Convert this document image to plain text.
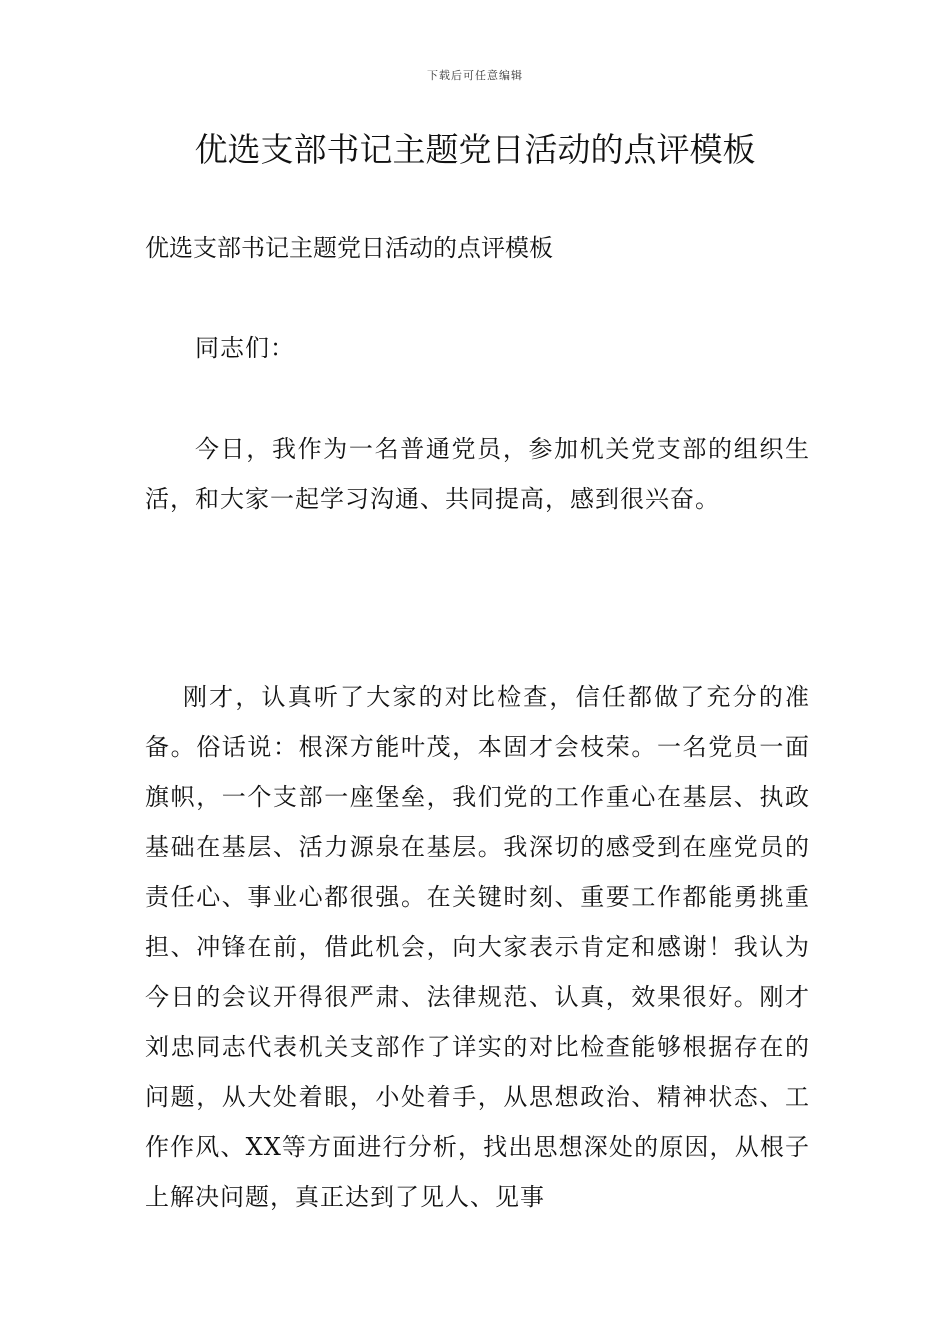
下载后可任意编辑
优选支部书记主题党日活动的点评模板
优选支部书记主题党日活动的点评模板

同志们：

今日，我作为一名普通党员，参加机关党支部的组织生活，和大家一起学习沟通、共同提高，感到很兴奋。

刚才，认真听了大家的对比检查，信任都做了充分的准备。俗话说：根深方能叶茂，本固才会枝荣。一名党员一面旗帜，一个支部一座堡垒，我们党的工作重心在基层、执政基础在基层、活力源泉在基层。我深切的感受到在座党员的责任心、事业心都很强。在关键时刻、重要工作都能勇挑重担、冲锋在前，借此机会，向大家表示肯定和感谢！我认为今日的会议开得很严肃、法律规范、认真，效果很好。刚才刘忠同志代表机关支部作了详实的对比检查能够根据存在的问题，从大处着眼，小处着手，从思想政治、精神状态、工作作风、XX等方面进行分析，找出思想深处的原因，从根子上解决问题，真正达到了见人、见事
